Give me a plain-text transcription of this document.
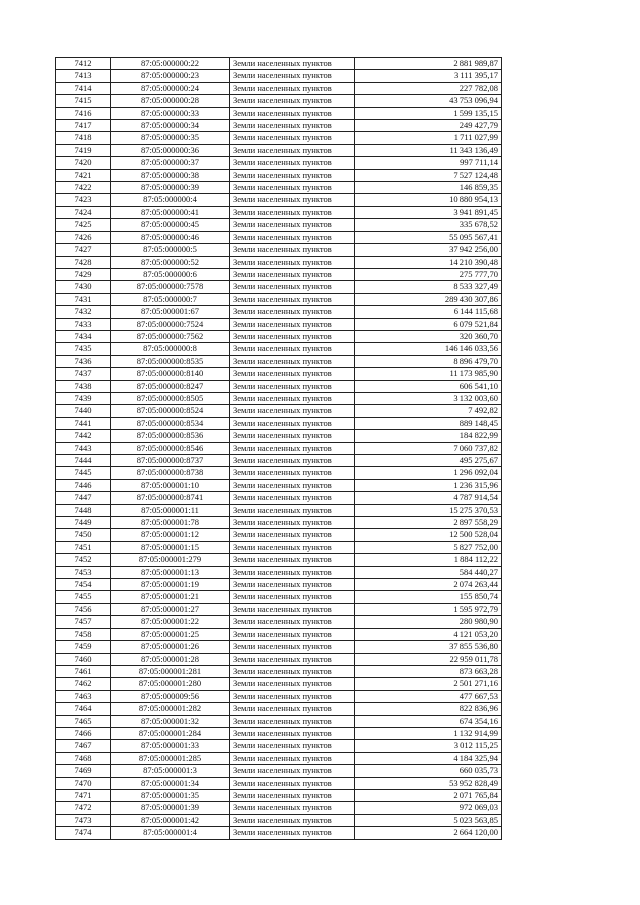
7412	87:05:000000:22	Земли населенных пунктов	2 881 989,87
7413	87:05:000000:23	Земли населенных пунктов	3 111 395,17
7414	87:05:000000:24	Земли населенных пунктов	227 782,08
7415	87:05:000000:28	Земли населенных пунктов	43 753 096,94
7416	87:05:000000:33	Земли населенных пунктов	1 599 135,15
7417	87:05:000000:34	Земли населенных пунктов	249 427,79
7418	87:05:000000:35	Земли населенных пунктов	1 711 027,99
7419	87:05:000000:36	Земли населенных пунктов	11 343 136,49
7420	87:05:000000:37	Земли населенных пунктов	997 711,14
7421	87:05:000000:38	Земли населенных пунктов	7 527 124,48
7422	87:05:000000:39	Земли населенных пунктов	146 859,35
7423	87:05:000000:4	Земли населенных пунктов	10 880 954,13
7424	87:05:000000:41	Земли населенных пунктов	3 941 891,45
7425	87:05:000000:45	Земли населенных пунктов	335 678,52
7426	87:05:000000:46	Земли населенных пунктов	55 095 567,41
7427	87:05:000000:5	Земли населенных пунктов	37 942 256,00
7428	87:05:000000:52	Земли населенных пунктов	14 210 390,48
7429	87:05:000000:6	Земли населенных пунктов	275 777,70
7430	87:05:000000:7578	Земли населенных пунктов	8 533 327,49
7431	87:05:000000:7	Земли населенных пунктов	289 430 307,86
7432	87:05:000001:67	Земли населенных пунктов	6 144 115,68
7433	87:05:000000:7524	Земли населенных пунктов	6 079 521,84
7434	87:05:000000:7562	Земли населенных пунктов	320 360,70
7435	87:05:000000:8	Земли населенных пунктов	146 146 033,56
7436	87:05:000000:8535	Земли населенных пунктов	8 896 479,70
7437	87:05:000000:8140	Земли населенных пунктов	11 173 985,90
7438	87:05:000000:8247	Земли населенных пунктов	606 541,10
7439	87:05:000000:8505	Земли населенных пунктов	3 132 003,60
7440	87:05:000000:8524	Земли населенных пунктов	7 492,82
7441	87:05:000000:8534	Земли населенных пунктов	889 148,45
7442	87:05:000000:8536	Земли населенных пунктов	184 822,99
7443	87:05:000000:8546	Земли населенных пунктов	7 060 737,82
7444	87:05:000000:8737	Земли населенных пунктов	495 275,67
7445	87:05:000000:8738	Земли населенных пунктов	1 296 092,04
7446	87:05:000001:10	Земли населенных пунктов	1 236 315,96
7447	87:05:000000:8741	Земли населенных пунктов	4 787 914,54
7448	87:05:000001:11	Земли населенных пунктов	15 275 370,53
7449	87:05:000001:78	Земли населенных пунктов	2 897 558,29
7450	87:05:000001:12	Земли населенных пунктов	12 500 528,04
7451	87:05:000001:15	Земли населенных пунктов	5 827 752,00
7452	87:05:000001:279	Земли населенных пунктов	1 884 112,22
7453	87:05:000001:13	Земли населенных пунктов	584 440,27
7454	87:05:000001:19	Земли населенных пунктов	2 074 263,44
7455	87:05:000001:21	Земли населенных пунктов	155 850,74
7456	87:05:000001:27	Земли населенных пунктов	1 595 972,79
7457	87:05:000001:22	Земли населенных пунктов	280 980,90
7458	87:05:000001:25	Земли населенных пунктов	4 121 053,20
7459	87:05:000001:26	Земли населенных пунктов	37 855 536,80
7460	87:05:000001:28	Земли населенных пунктов	22 959 011,78
7461	87:05:000001:281	Земли населенных пунктов	873 663,28
7462	87:05:000001:280	Земли населенных пунктов	2 501 271,16
7463	87:05:000009:56	Земли населенных пунктов	477 667,53
7464	87:05:000001:282	Земли населенных пунктов	822 836,96
7465	87:05:000001:32	Земли населенных пунктов	674 354,16
7466	87:05:000001:284	Земли населенных пунктов	1 132 914,99
7467	87:05:000001:33	Земли населенных пунктов	3 012 115,25
7468	87:05:000001:285	Земли населенных пунктов	4 184 325,94
7469	87:05:000001:3	Земли населенных пунктов	660 035,73
7470	87:05:000001:34	Земли населенных пунктов	53 952 828,49
7471	87:05:000001:35	Земли населенных пунктов	2 071 765,84
7472	87:05:000001:39	Земли населенных пунктов	972 069,03
7473	87:05:000001:42	Земли населенных пунктов	5 023 563,85
7474	87:05:000001:4	Земли населенных пунктов	2 664 120,00
